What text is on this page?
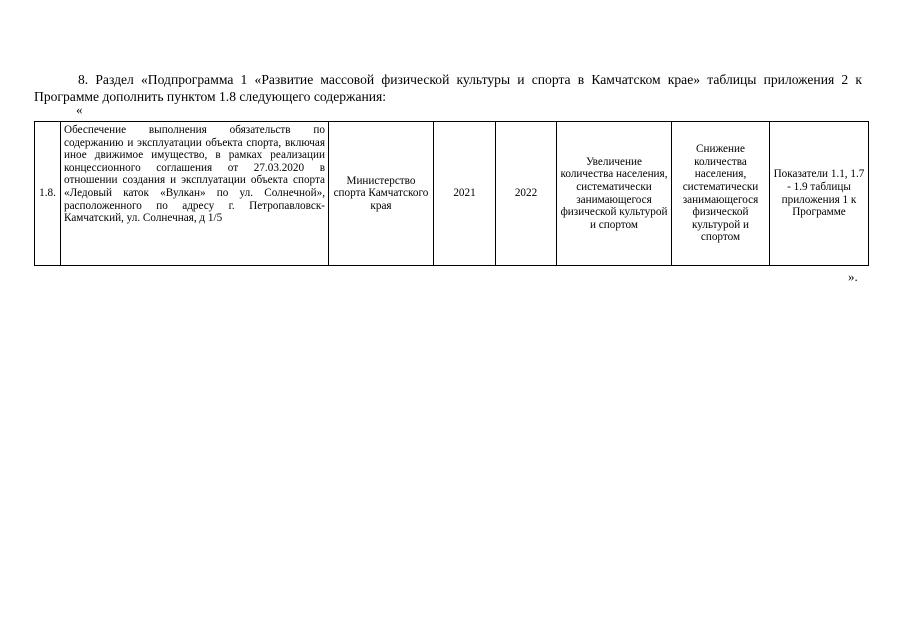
8. Раздел «Подпрограмма 1 «Развитие массовой физической культуры и спорта в Камчатском крае» таблицы приложения 2 к Программе дополнить пунктом 1.8 следующего содержания:

«
1.8.	Обеспечение выполнения обязательств по содержанию и эксплуатации объекта спорта, включая иное движимое имущество, в рамках реализации концессионного соглашения от 27.03.2020 в отношении создания и эксплуатации объекта спорта «Ледовый каток «Вулкан» по ул. Солнечной», расположенного по адресу г. Петропавловск-Камчатский, ул. Солнечная, д 1/5	Министерство спорта Камчатского края	2021	2022	Увеличение количества населения, систематически занимающегося физической культурой и спортом	Снижение количества населения, систематически занимающегося физической культурой и спортом	Показатели 1.1, 1.7 - 1.9 таблицы приложения 1 к Программе
».
